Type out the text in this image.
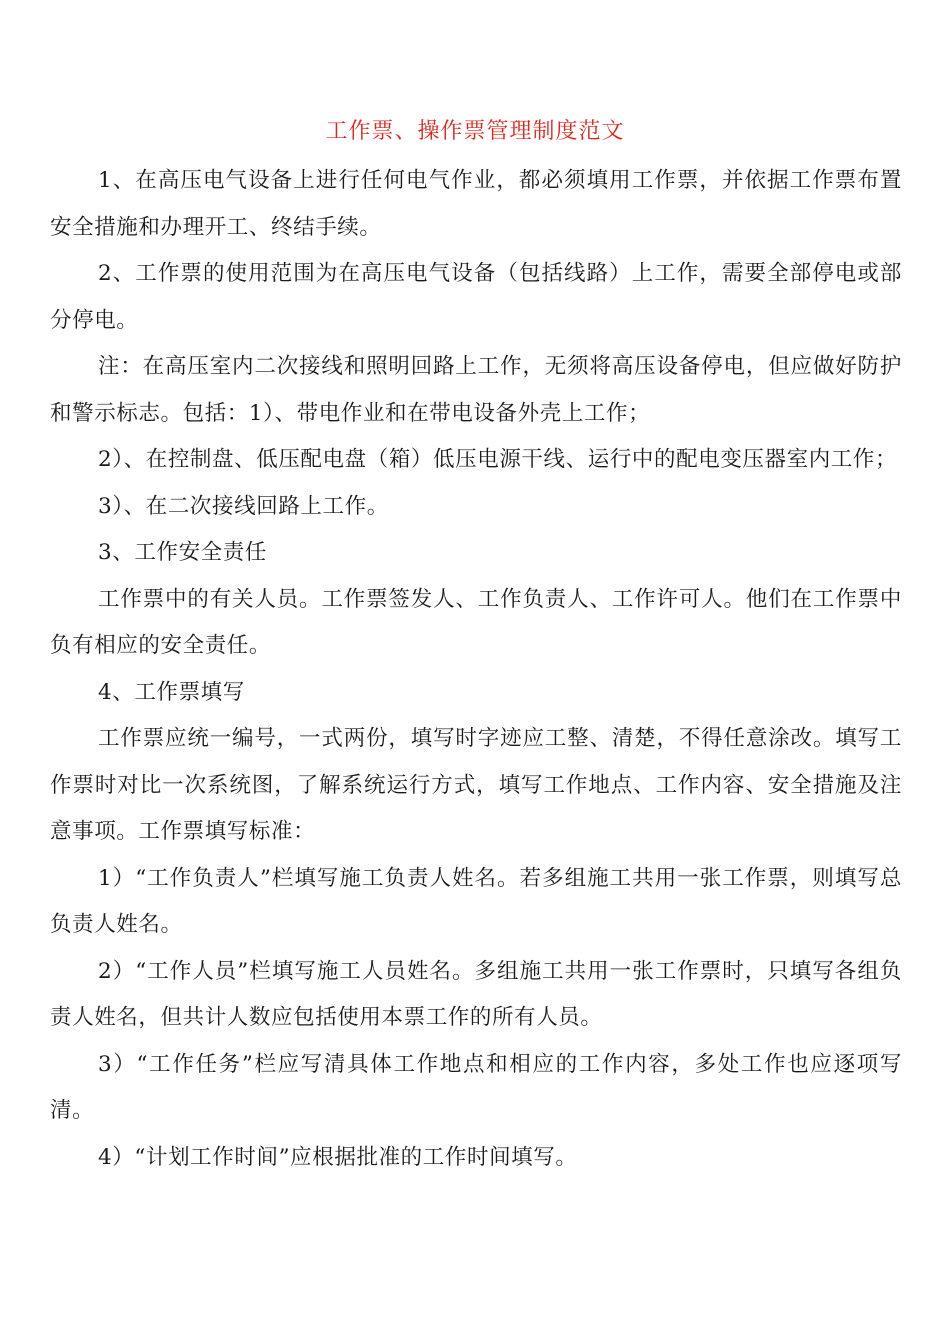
工作票、操作票管理制度范文

1、在高压电气设备上进行任何电气作业，都必须填用工作票，并依据工作票布置安全措施和办理开工、终结手续。

2、工作票的使用范围为在高压电气设备（包括线路）上工作，需要全部停电或部分停电。

注：在高压室内二次接线和照明回路上工作，无须将高压设备停电，但应做好防护和警示标志。包括：1）、带电作业和在带电设备外壳上工作；

2）、在控制盘、低压配电盘（箱）低压电源干线、运行中的配电变压器室内工作；

3）、在二次接线回路上工作。

3、工作安全责任

工作票中的有关人员。工作票签发人、工作负责人、工作许可人。他们在工作票中负有相应的安全责任。

4、工作票填写

工作票应统一编号，一式两份，填写时字迹应工整、清楚，不得任意涂改。填写工作票时对比一次系统图，了解系统运行方式，填写工作地点、工作内容、安全措施及注意事项。工作票填写标准：

1）“工作负责人”栏填写施工负责人姓名。若多组施工共用一张工作票，则填写总负责人姓名。

2）“工作人员”栏填写施工人员姓名。多组施工共用一张工作票时，只填写各组负责人姓名，但共计人数应包括使用本票工作的所有人员。

3）“工作任务”栏应写清具体工作地点和相应的工作内容，多处工作也应逐项写清。

4）“计划工作时间”应根据批准的工作时间填写。
